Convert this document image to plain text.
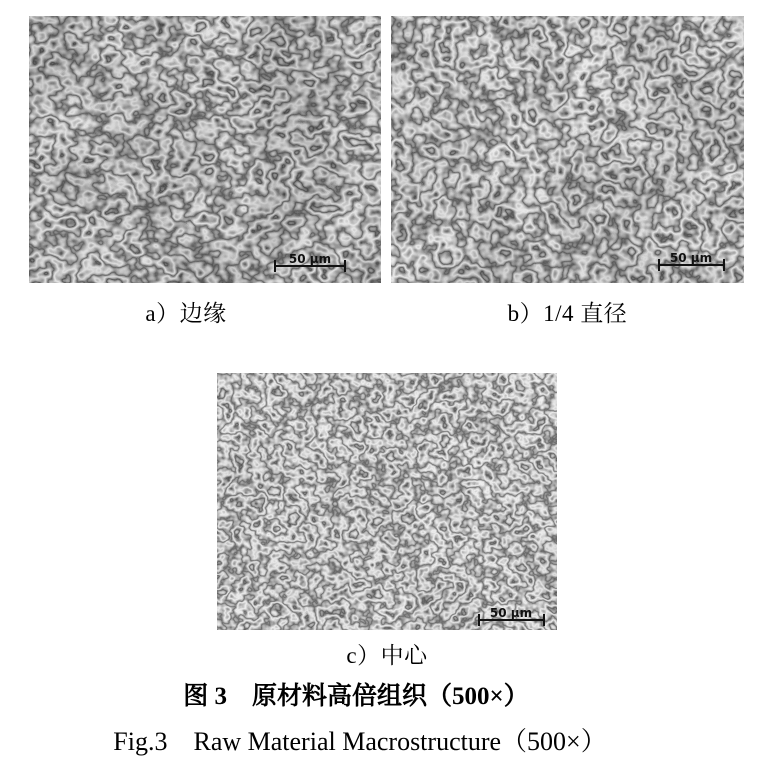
50 μm	50 μm
50 μm
a）边缘	b）1/4 直径
c）中心
图 3　原材料高倍组织（500×）
Fig.3　Raw Material Macrostructure（500×）
